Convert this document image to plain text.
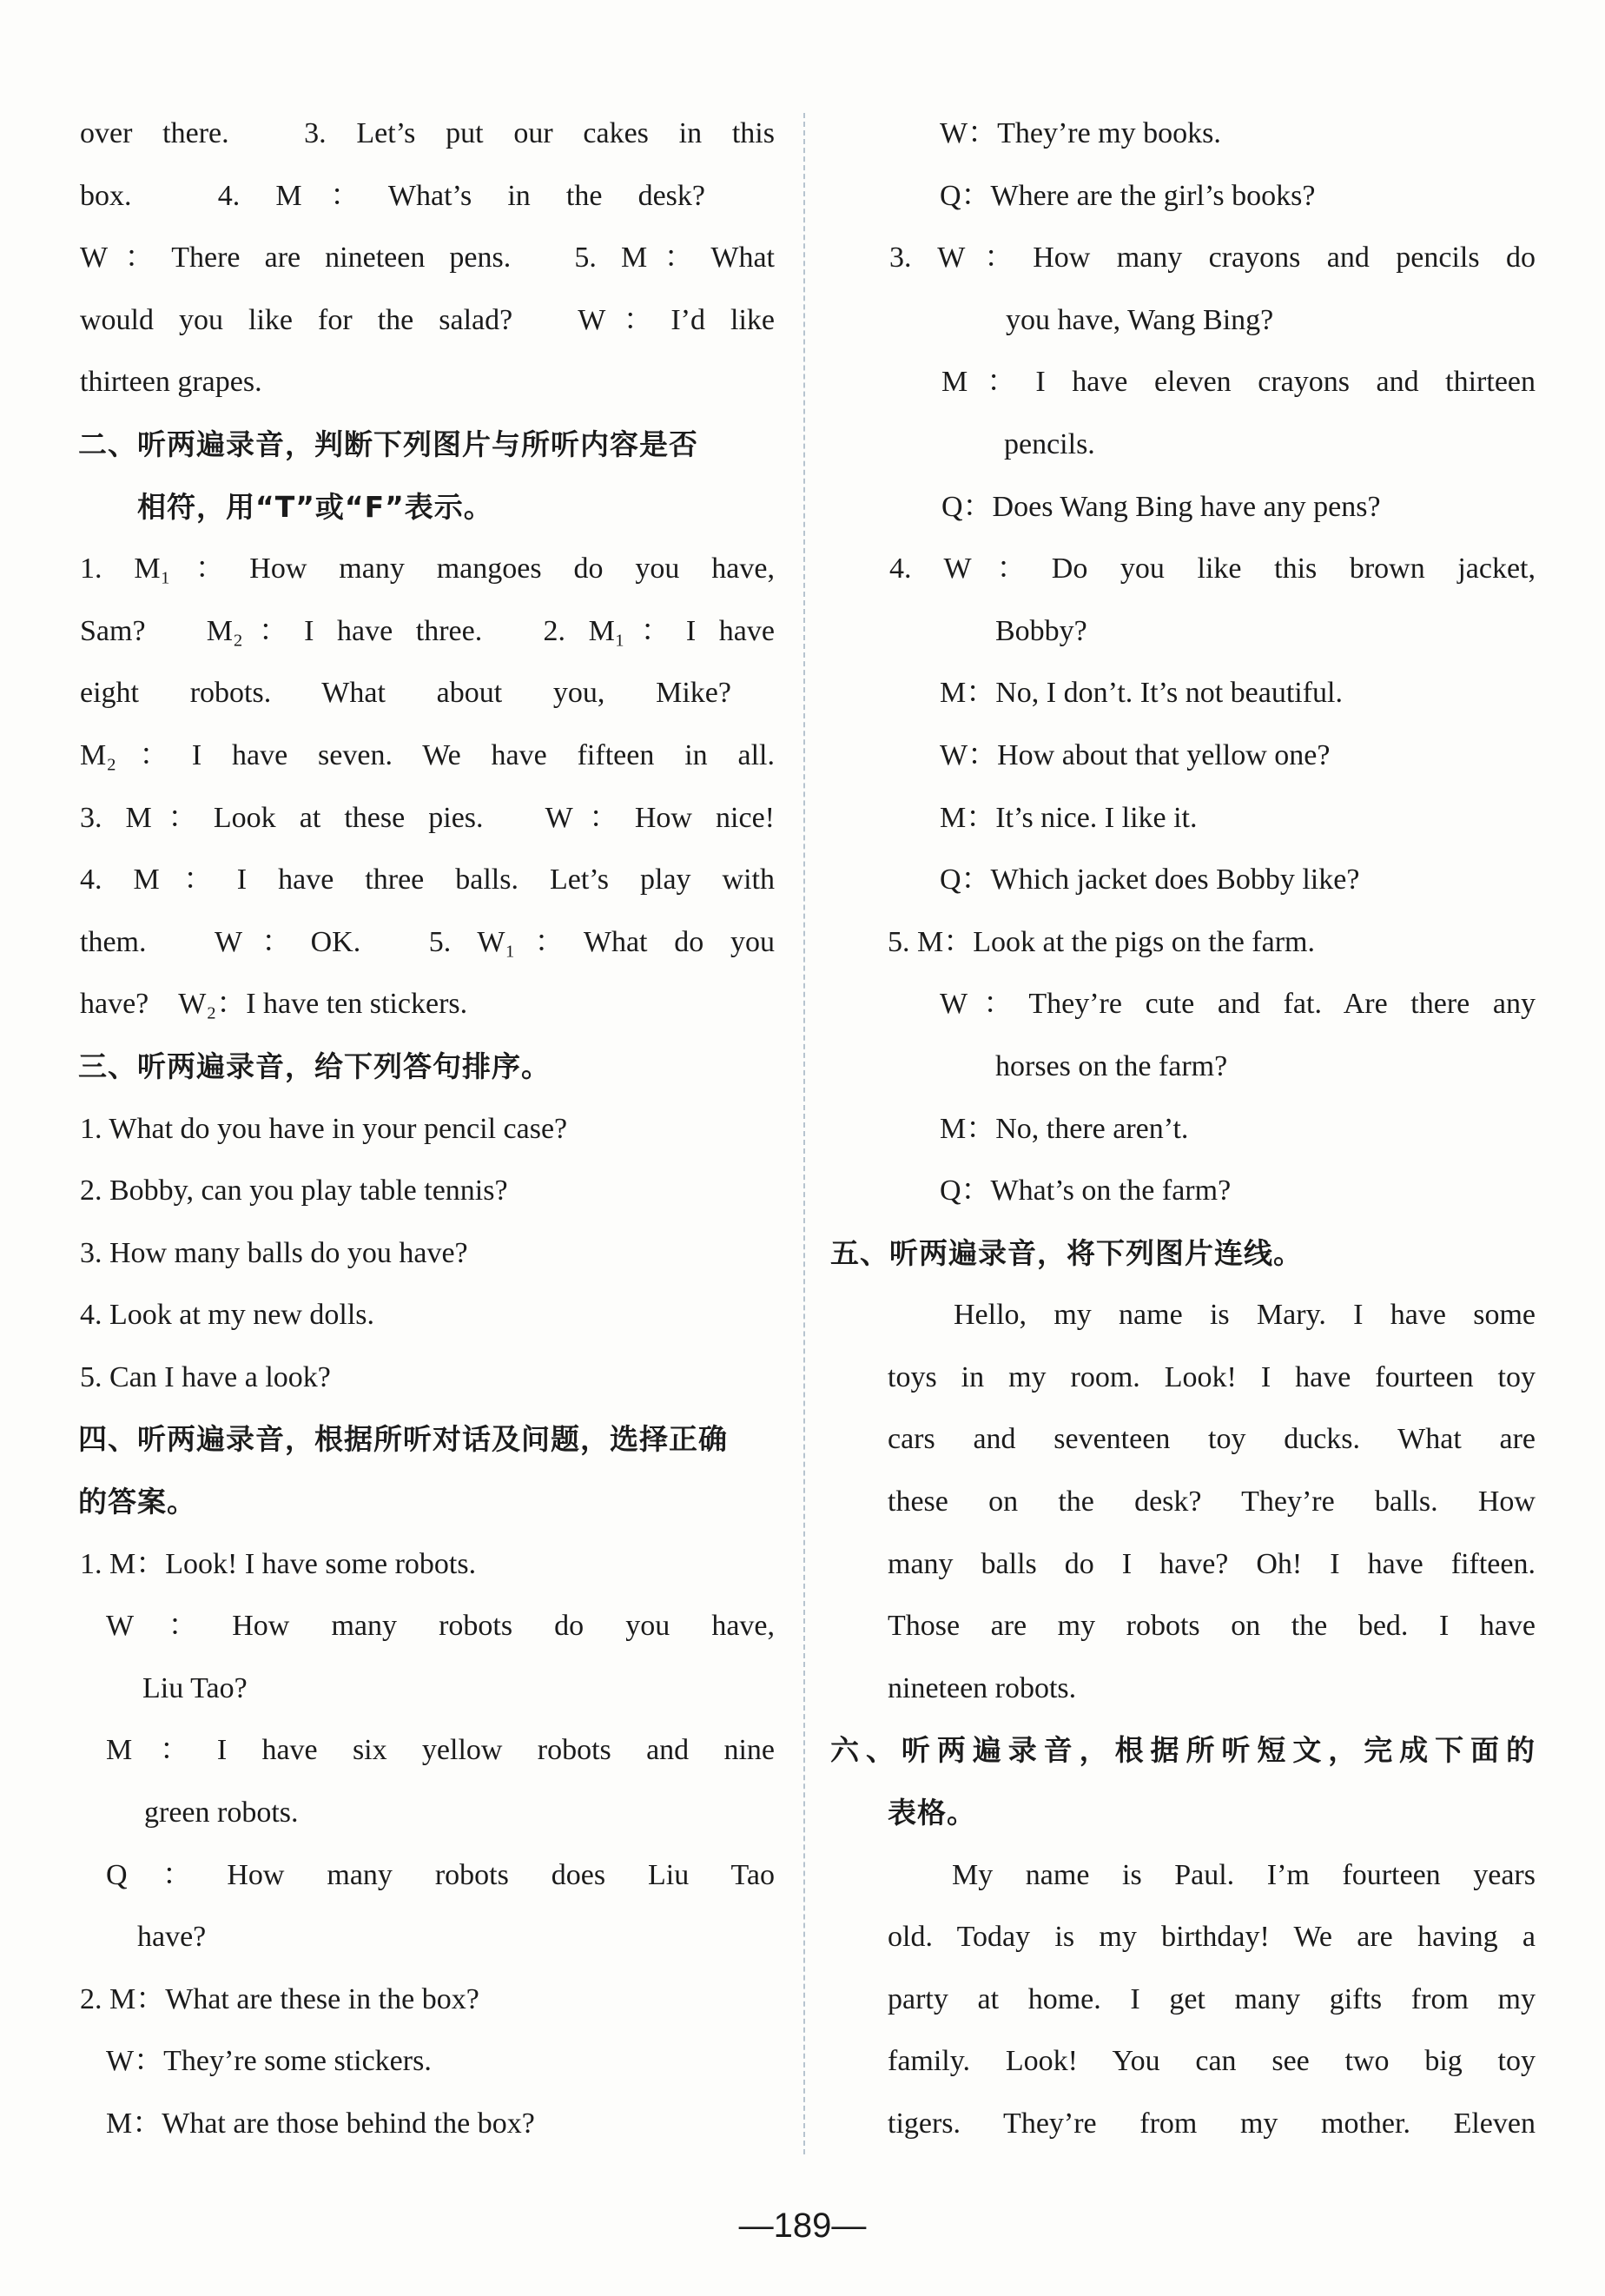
over there.　3. Let’s put our cakes in this
box.　4. M：What’s in the desk?
W：There are nineteen pens.　5. M：What
would you like for the salad?　W：I’d like
thirteen grapes.
二、听两遍录音，判断下列图片与所听内容是否
相符，用“T”或“F”表示。
1. M₁：How many mangoes do you have,
Sam?　M₂：I have three.　2. M₁：I have
eight robots. What about you, Mike?
M₂：I have seven. We have fifteen in all.
3. M：Look at these pies.　W：How nice!
4. M：I have three balls. Let’s play with
them.　W：OK.　5. W₁：What do you
have?　W₂：I have ten stickers.
三、听两遍录音，给下列答句排序。
1. What do you have in your pencil case?
2. Bobby, can you play table tennis?
3. How many balls do you have?
4. Look at my new dolls.
5. Can I have a look?
四、听两遍录音，根据所听对话及问题，选择正确
的答案。
1. M：Look! I have some robots.
W：How many robots do you have,
Liu Tao?
M：I have six yellow robots and nine
green robots.
Q：How many robots does Liu Tao
have?
2. M：What are these in the box?
W：They’re some stickers.
M：What are those behind the box?
W：They’re my books.
Q：Where are the girl’s books?
3. W：How many crayons and pencils do
you have, Wang Bing?
M：I have eleven crayons and thirteen
pencils.
Q：Does Wang Bing have any pens?
4. W：Do you like this brown jacket,
Bobby?
M：No, I don’t. It’s not beautiful.
W：How about that yellow one?
M：It’s nice. I like it.
Q：Which jacket does Bobby like?
5. M：Look at the pigs on the farm.
W：They’re cute and fat. Are there any
horses on the farm?
M：No, there aren’t.
Q：What’s on the farm?
五、听两遍录音，将下列图片连线。
Hello, my name is Mary. I have some
toys in my room. Look! I have fourteen toy
cars and seventeen toy ducks. What are
these on the desk? They’re balls. How
many balls do I have? Oh! I have fifteen.
Those are my robots on the bed. I have
nineteen robots.
六、听两遍录音，根据所听短文，完成下面的
表格。
My name is Paul. I’m fourteen years
old. Today is my birthday! We are having a
party at home. I get many gifts from my
family. Look! You can see two big toy
tigers. They’re from my mother. Eleven
—189—
